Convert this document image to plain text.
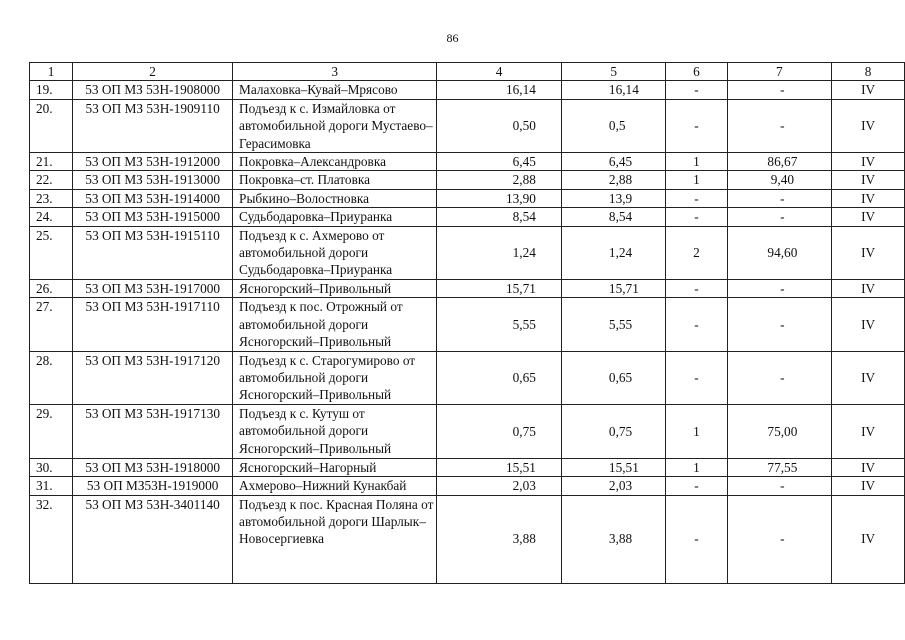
86
1	2	3	4	5	6	7	8
19.	53 ОП МЗ 53Н-1908000	Малаховка–Кувай–Мрясово	16,14	16,14	-	-	IV
20.	53 ОП МЗ 53Н-1909110	Подъезд к с. Измайловка от автомобильной дороги Мустаево–Герасимовка	0,50	0,5	-	-	IV
21.	53 ОП МЗ 53Н-1912000	Покровка–Александровка	6,45	6,45	1	86,67	IV
22.	53 ОП МЗ 53Н-1913000	Покровка–ст. Платовка	2,88	2,88	1	9,40	IV
23.	53 ОП МЗ 53Н-1914000	Рыбкино–Волостновка	13,90	13,9	-	-	IV
24.	53 ОП МЗ 53Н-1915000	Судьбодаровка–Приуранка	8,54	8,54	-	-	IV
25.	53 ОП МЗ 53Н-1915110	Подъезд к с. Ахмерово от автомобильной дороги Судьбодаровка–Приуранка	1,24	1,24	2	94,60	IV
26.	53 ОП МЗ 53Н-1917000	Ясногорский–Привольный	15,71	15,71	-	-	IV
27.	53 ОП МЗ 53Н-1917110	Подъезд к пос. Отрожный от автомобильной дороги Ясногорский–Привольный	5,55	5,55	-	-	IV
28.	53 ОП МЗ 53Н-1917120	Подъезд к с. Старогумирово от автомобильной дороги Ясногорский–Привольный	0,65	0,65	-	-	IV
29.	53 ОП МЗ 53Н-1917130	Подъезд к с. Кутуш от автомобильной дороги Ясногорский–Привольный	0,75	0,75	1	75,00	IV
30.	53 ОП МЗ 53Н-1918000	Ясногорский–Нагорный	15,51	15,51	1	77,55	IV
31.	53 ОП МЗ53Н-1919000	Ахмерово–Нижний Кунакбай	2,03	2,03	-	-	IV
32.	53 ОП МЗ 53Н-3401140	Подъезд к пос. Красная Поляна от автомобильной дороги Шарлык–Новосергиевка	3,88	3,88	-	-	IV
